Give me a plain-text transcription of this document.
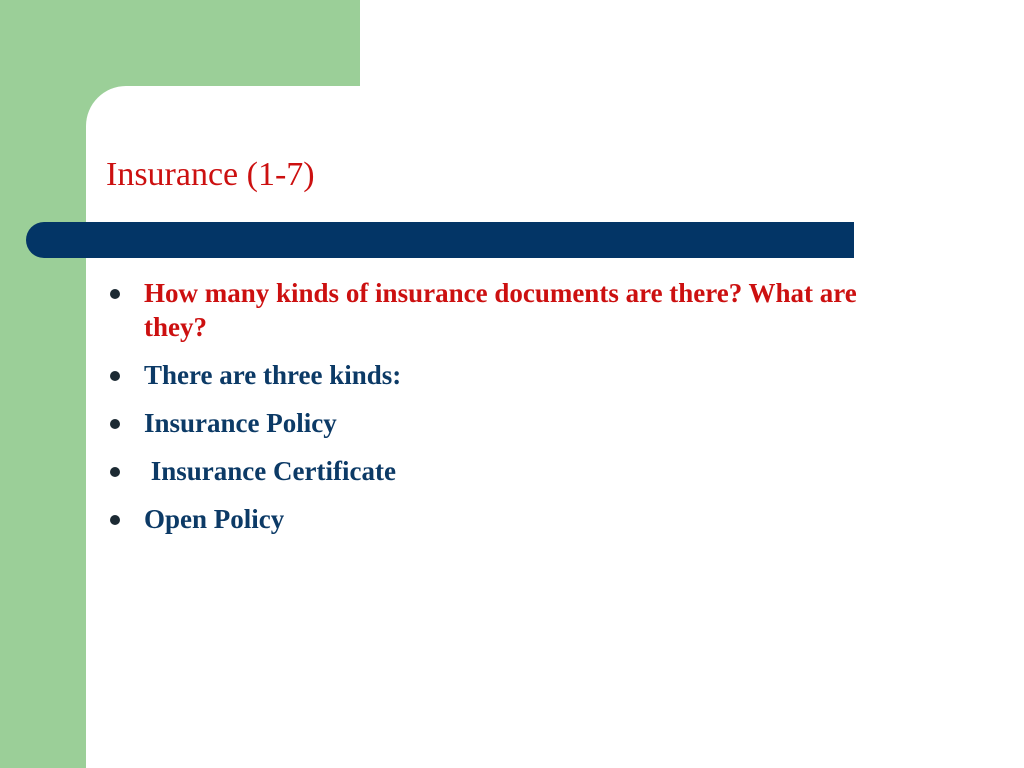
Insurance (1-7)
How many kinds of insurance documents are there? What are they?
There are three kinds:
Insurance Policy
Insurance Certificate
Open Policy
